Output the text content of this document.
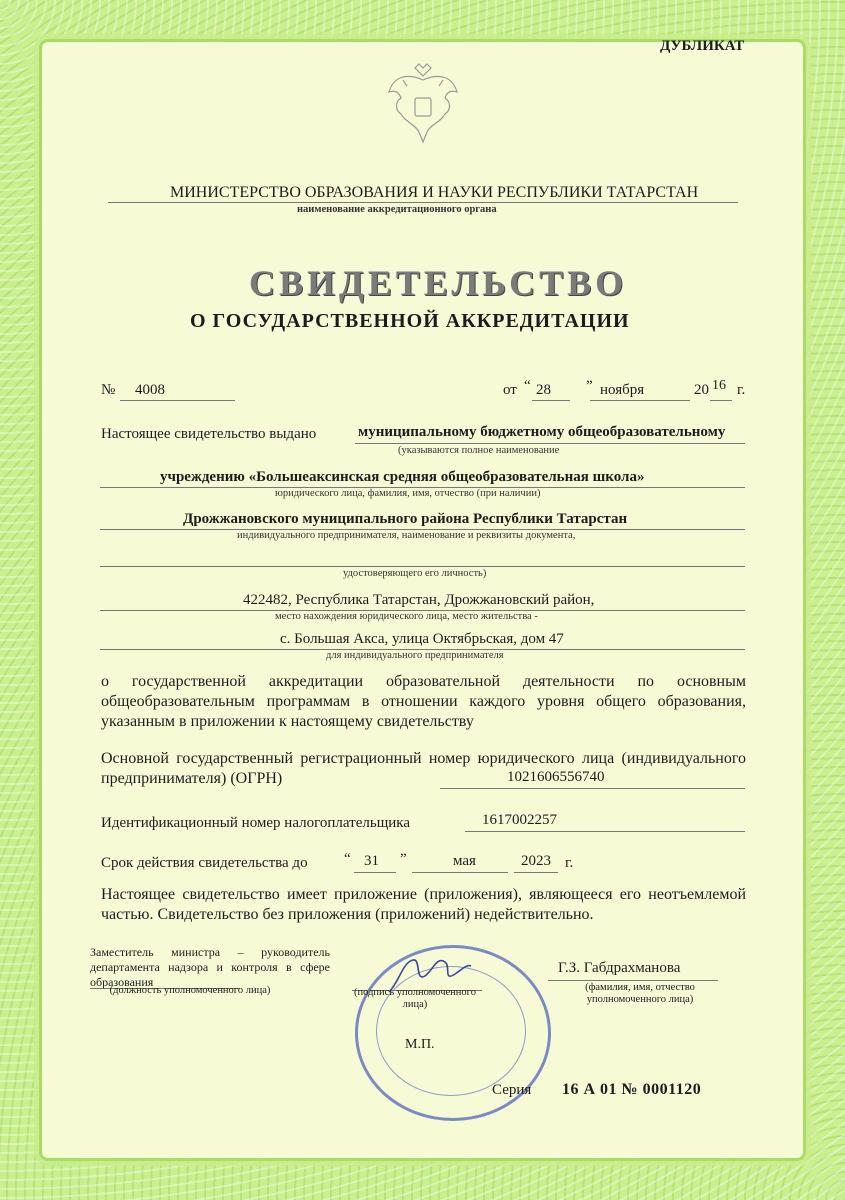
ДУБЛИКАТ
МИНИСТЕРСТВО ОБРАЗОВАНИЯ И НАУКИ РЕСПУБЛИКИ ТАТАРСТАН
наименование аккредитационного органа
СВИДЕТЕЛЬСТВО
О ГОСУДАРСТВЕННОЙ АККРЕДИТАЦИИ
№ 4008	от “ 28 ” ноября	20 16 г.
Настоящее свидетельство выдано	муниципальному бюджетному общеобразовательному
(указываются полное наименование
учреждению «Большеаксинская средняя общеобразовательная школа»
юридического лица, фамилия, имя, отчество (при наличии)
Дрожжановского муниципального района Республики Татарстан
индивидуального предпринимателя, наименование и реквизиты документа,
удостоверяющего его личность)
422482, Республика Татарстан, Дрожжановский район,
место нахождения юридического лица, место жительства -
с. Большая Акса, улица Октябрьская, дом 47
для индивидуального предпринимателя
о государственной аккредитации образовательной деятельности по основным общеобразовательным программам в отношении каждого уровня общего образования, указанным в приложении к настоящему свидетельству
Основной государственный регистрационный номер юридического лица (индивидуального предпринимателя) (ОГРН)	1021606556740
Идентификационный номер налогоплательщика	1617002257
Срок действия свидетельства до “ 31 ”	мая	2023 г.
Настоящее свидетельство имеет приложение (приложения), являющееся его неотъемлемой частью. Свидетельство без приложения (приложений) недействительно.
Заместитель министра – руководитель департамента надзора и контроля в сфере образования
(должность уполномоченного лица)	(подпись уполномоченного лица)
Г.З. Габдрахманова
(фамилия, имя, отчество уполномоченного лица)
М.П.
Серия 16 А 01 № 0001120
